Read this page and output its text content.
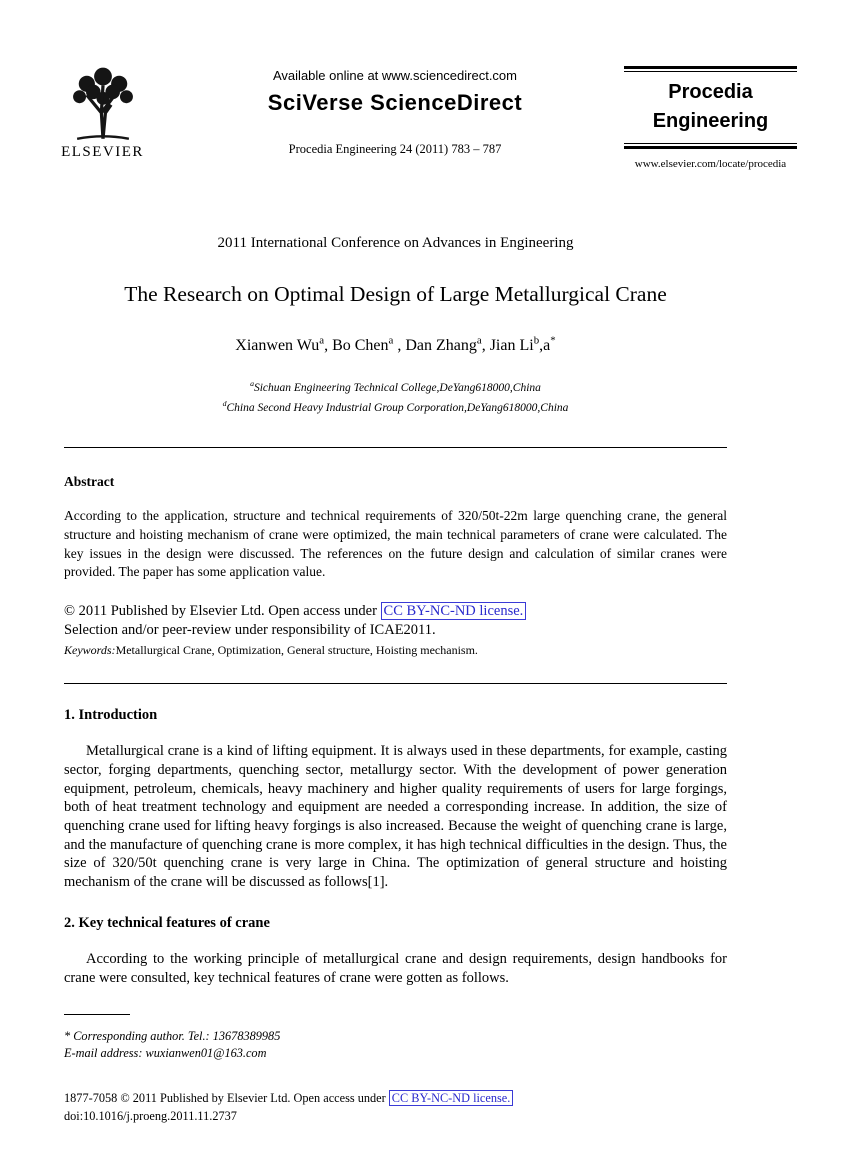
ELSEVIER
Available online at www.sciencedirect.com
SciVerse ScienceDirect
Procedia Engineering 24 (2011) 783 – 787
Procedia
Engineering
www.elsevier.com/locate/procedia
2011 International Conference on Advances in Engineering
The Research on Optimal Design of Large Metallurgical Crane
Xianwen Wu$^a$, Bo Chen$^a$ , Dan Zhang$^a$, Jian Li$^b$,a*
$^a$Sichuan Engineering Technical College,DeYang618000,China
$^d$China Second Heavy Industrial Group Corporation,DeYang618000,China
Abstract
According to the application, structure and technical requirements of 320/50t-22m large quenching crane, the general structure and hoisting mechanism of crane were optimized, the main technical parameters of crane were calculated. The key issues in the design were discussed. The references on the future design and calculation of similar cranes were provided. The paper has some application value.
© 2011 Published by Elsevier Ltd. Open access under CC BY-NC-ND license.
Selection and/or peer-review under responsibility of ICAE2011.
Keywords:Metallurgical Crane, Optimization, General structure, Hoisting mechanism.
1. Introduction
Metallurgical crane is a kind of lifting equipment. It is always used in these departments, for example, casting sector, forging departments, quenching sector, metallurgy sector. With the development of power generation equipment, petroleum, chemicals, heavy machinery and higher quality requirements of users for large forgings, both of heat treatment technology and equipment are needed a corresponding increase. In addition, the size of quenching crane used for lifting heavy forgings is also increased. Because the weight of quenching crane is large, and the manufacture of quenching crane is more complex, it has high technical difficulties in the design. Thus, the size of 320/50t quenching crane is very large in China. The optimization of general structure and hoisting mechanism of the crane will be discussed as follows[1].
2. Key technical features of crane
According to the working principle of metallurgical crane and design requirements, design handbooks for crane were consulted, key technical features of crane were gotten as follows.
* Corresponding author. Tel.: 13678389985
E-mail address: wuxianwen01@163.com
1877-7058 © 2011 Published by Elsevier Ltd. Open access under CC BY-NC-ND license.
doi:10.1016/j.proeng.2011.11.2737
